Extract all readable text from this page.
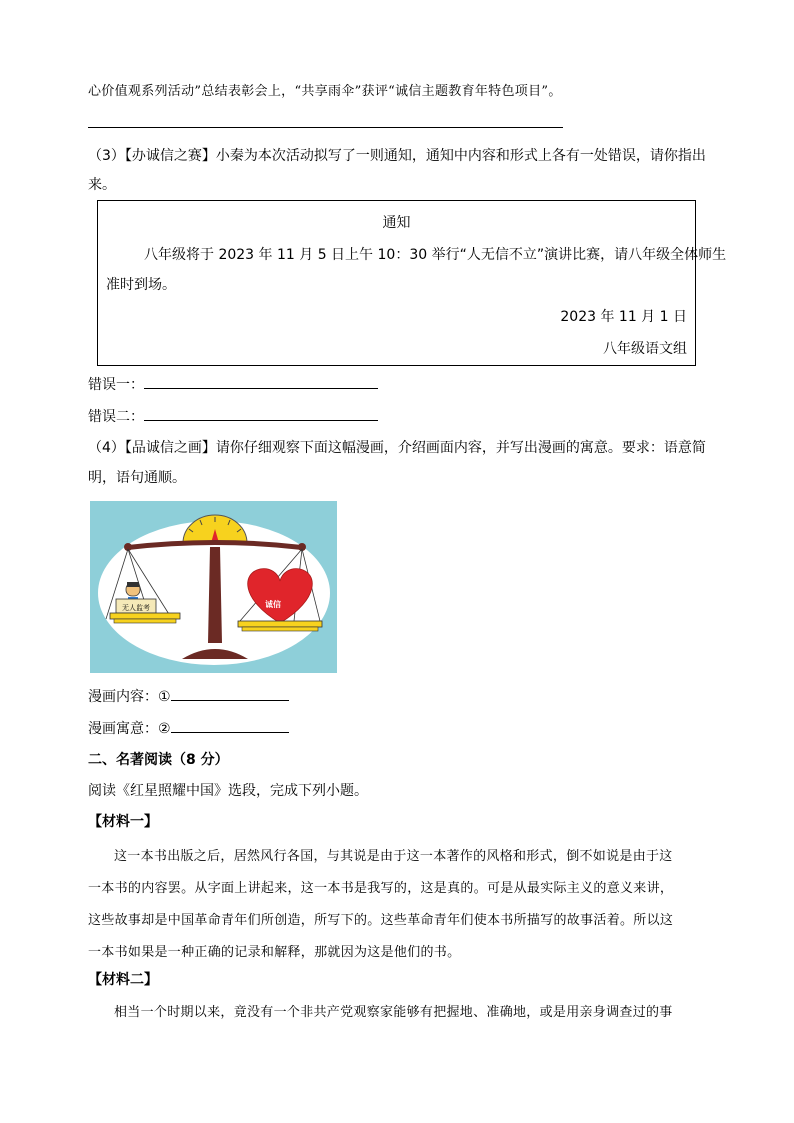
心价值观系列活动”总结表彰会上，“共享雨伞”获评“诚信主题教育年特色项目”。
（3）【办诚信之赛】小秦为本次活动拟写了一则通知，通知中内容和形式上各有一处错误，请你指出
来。
通知
八年级将于 2023 年 11 月 5 日上午 10：30 举行“人无信不立”演讲比赛，请八年级全体师生
准时到场。
2023 年 11 月 1 日
八年级语文组
错误一：
错误二：
（4）【品诚信之画】请你仔细观察下面这幅漫画，介绍画面内容，并写出漫画的寓意。要求：语意简
明，语句通顺。
无人监考	诚信
漫画内容：①
漫画寓意：②
二、名著阅读（8 分）
阅读《红星照耀中国》选段，完成下列小题。
【材料一】
这一本书出版之后，居然风行各国，与其说是由于这一本著作的风格和形式，倒不如说是由于这
一本书的内容罢。从字面上讲起来，这一本书是我写的，这是真的。可是从最实际主义的意义来讲，
这些故事却是中国革命青年们所创造，所写下的。这些革命青年们使本书所描写的故事活着。所以这
一本书如果是一种正确的记录和解释，那就因为这是他们的书。
【材料二】
相当一个时期以来，竟没有一个非共产党观察家能够有把握地、准确地，或是用亲身调查过的事
